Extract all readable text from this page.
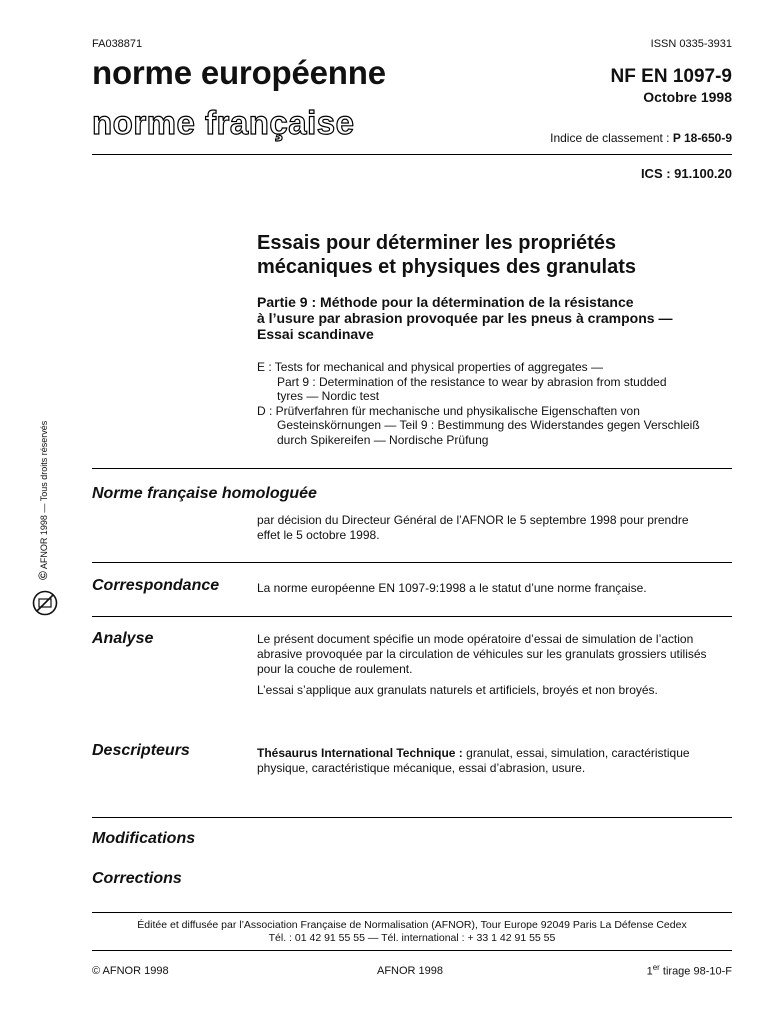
FA038871	ISSN 0335-3931
norme européenne
norme française
NF EN 1097-9
Octobre 1998
Indice de classement : P 18-650-9
ICS : 91.100.20
Essais pour déterminer les propriétés
mécaniques et physiques des granulats
Partie 9 : Méthode pour la détermination de la résistance
à l’usure par abrasion provoquée par les pneus à crampons —
Essai scandinave
E : Tests for mechanical and physical properties of aggregates —
Part 9 : Determination of the resistance to wear by abrasion from studded
tyres — Nordic test
D : Prüfverfahren für mechanische und physikalische Eigenschaften von
Gesteinskörnungen — Teil 9 : Bestimmung des Widerstandes gegen Verschleiß
durch Spikereifen — Nordische Prüfung
© AFNOR 1998 — Tous droits réservés	Norme française homologuée
par décision du Directeur Général de l’AFNOR le 5 septembre 1998 pour prendre
effet le 5 octobre 1998.
Correspondance	La norme européenne EN 1097-9:1998 a le statut d’une norme française.
Analyse	Le présent document spécifie un mode opératoire d’essai de simulation de l’action
abrasive provoquée par la circulation de véhicules sur les granulats grossiers utilisés
pour la couche de roulement.
L’essai s’applique aux granulats naturels et artificiels, broyés et non broyés.
Descripteurs	Thésaurus International Technique : granulat, essai, simulation, caractéristique
physique, caractéristique mécanique, essai d’abrasion, usure.
Modifications
Corrections
Éditée et diffusée par l’Association Française de Normalisation (AFNOR), Tour Europe 92049 Paris La Défense Cedex
Tél. : 01 42 91 55 55 — Tél. international : + 33 1 42 91 55 55
© AFNOR 1998	AFNOR 1998	1er tirage 98-10-F
